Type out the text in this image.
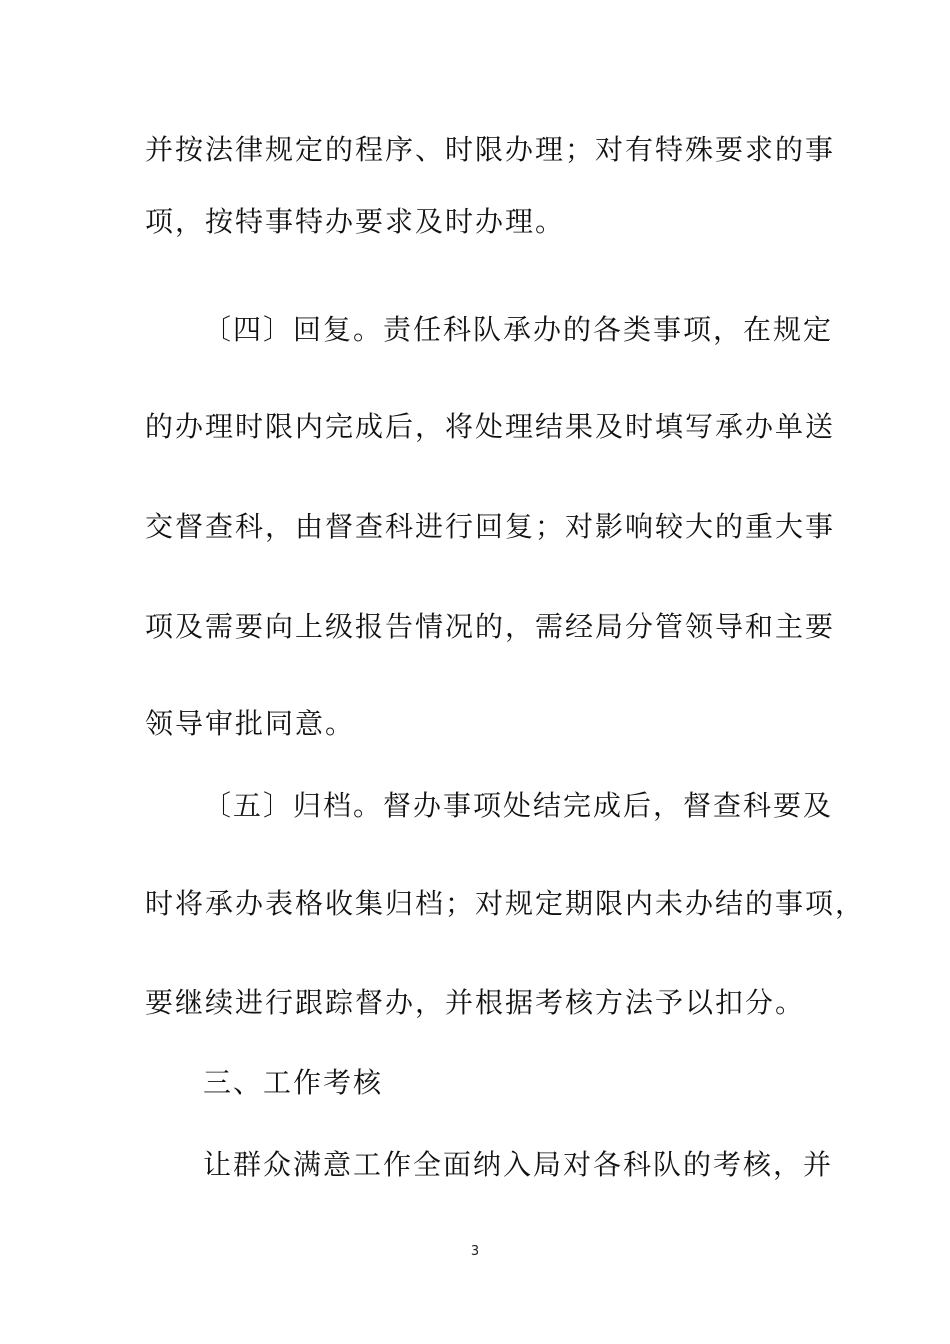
并按法律规定的程序、时限办理；对有特殊要求的事
项，按特事特办要求及时办理。
〔四〕回复。责任科队承办的各类事项，在规定
的办理时限内完成后，将处理结果及时填写承办单送
交督查科，由督查科进行回复；对影响较大的重大事
项及需要向上级报告情况的，需经局分管领导和主要
领导审批同意。
〔五〕归档。督办事项处结完成后，督查科要及
时将承办表格收集归档；对规定期限内未办结的事项，
要继续进行跟踪督办，并根据考核方法予以扣分。
三、工作考核
让群众满意工作全面纳入局对各科队的考核，并
3
